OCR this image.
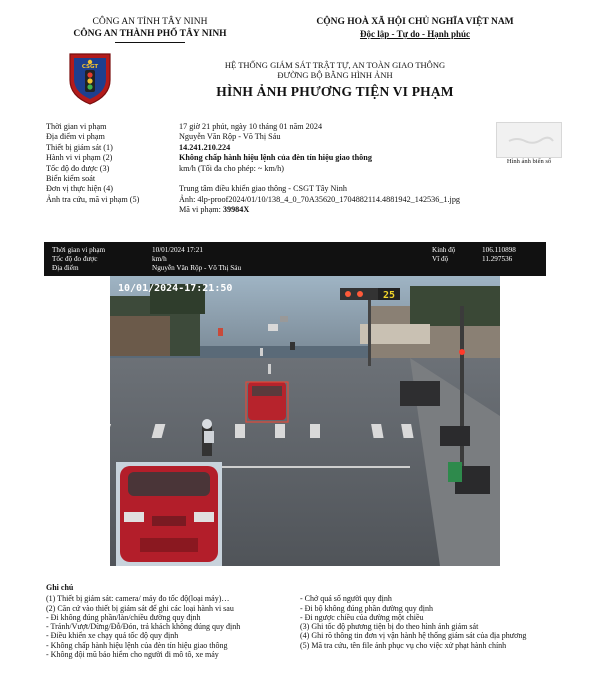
CÔNG AN TỈNH TÂY NINH
CÔNG AN THÀNH PHỐ TÂY NINH
CỘNG HOÀ XÃ HỘI CHỦ NGHĨA VIỆT NAM
Độc lập - Tự do - Hạnh phúc
CSGT	HỆ THỐNG GIÁM SÁT TRẬT TỰ, AN TOÀN GIAO THÔNG
ĐƯỜNG BỘ BẰNG HÌNH ẢNH
HÌNH ẢNH PHƯƠNG TIỆN VI PHẠM
Thời gian vi phạm	17 giờ 21 phút, ngày 10 tháng 01 năm 2024
Địa điểm vi phạm	Nguyễn Văn Rộp - Võ Thị Sáu
Thiết bị giám sát (1)	14.241.210.224
Hành vi vi phạm (2)	Không chấp hành hiệu lệnh của đèn tín hiệu giao thông
Tốc độ đo được (3)	km/h (Tối đa cho phép: ~ km/h)
Biển kiểm soát
Đơn vị thực hiện (4)	Trung tâm điều khiển giao thông - CSGT Tây Ninh
Ảnh tra cứu, mã vi phạm (5)	Ảnh: 4lp-proof2024/01/10/138_4_0_70A35620_1704882114.4881942_142536_1.jpg
Mã vi phạm: 39984X
Hình ảnh biển số
Thời gian vi phạm	10/01/2024 17:21
Tốc độ đo được	km/h
Địa điểm	Nguyễn Văn Rộp - Võ Thị Sáu
Kinh độ	106.110898
Vĩ độ	11.297536
25
10/01/2024-17:21:50
Ghi chú
(1) Thiết bị giám sát: camera/ máy đo tốc độ(loại máy)…
(2) Căn cứ vào thiết bị giám sát để ghi các loại hành vi sau
- Đi không đúng phần/làn/chiều đường quy định
- Tránh/Vượt/Dừng/Đỗ/Đón, trả khách không đúng quy định
- Điều khiển xe chạy quá tốc độ quy định
- Không chấp hành hiệu lệnh của đèn tín hiệu giao thông
- Không đội mũ bảo hiểm cho người đi mô tô, xe máy
- Chở quá số người quy định
- Đi bộ không đúng phần đường quy định
- Đi ngược chiều của đường một chiều
(3) Ghi tốc độ phương tiện bị đo theo hình ảnh giám sát
(4) Ghi rõ thông tin đơn vị vận hành hệ thống giám sát của địa phương
(5) Mã tra cứu, tên file ảnh phục vụ cho việc xử phạt hành chính
